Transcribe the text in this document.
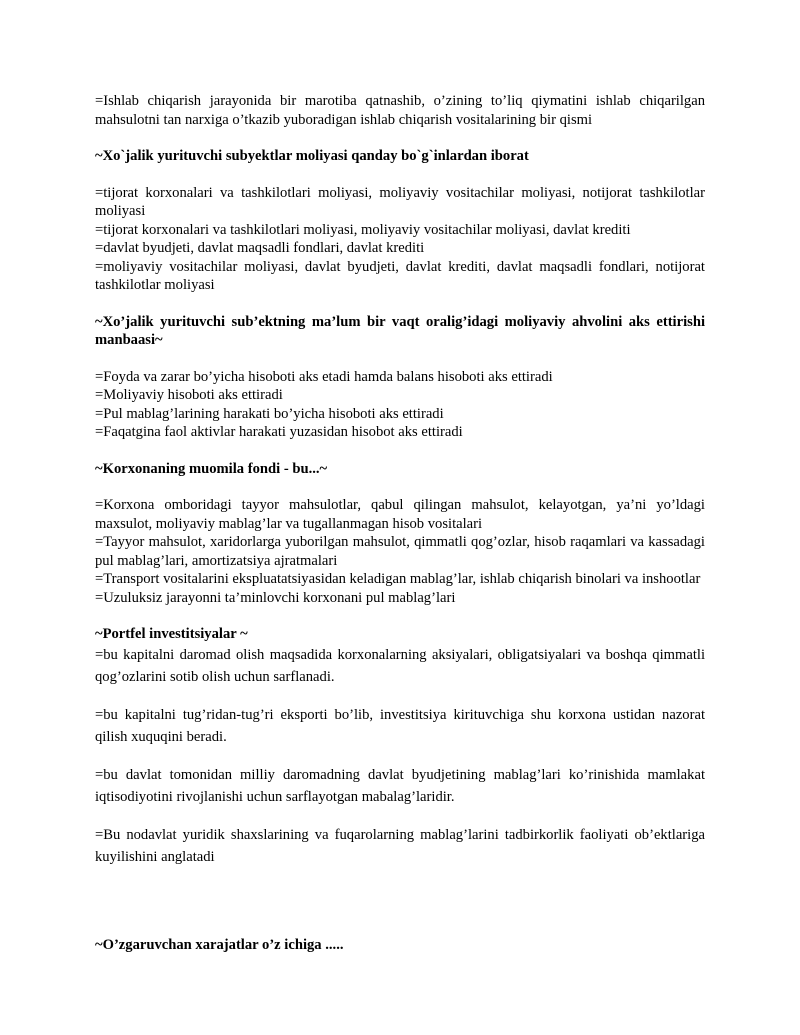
=Ishlab chiqarish jarayonida bir marotiba qatnashib, o’zining to’liq qiymatini ishlab chiqarilgan mahsulotni tan narxiga o’tkazib yuboradigan ishlab chiqarish vositalarining bir qismi

~Xo`jalik yurituvchi subyektlar moliyasi qanday bo`g`inlardan iborat

=tijorat korxonalari va tashkilotlari moliyasi, moliyaviy vositachilar moliyasi, notijorat tashkilotlar moliyasi

=tijorat korxonalari va tashkilotlari moliyasi, moliyaviy vositachilar moliyasi, davlat krediti

=davlat byudjeti, davlat maqsadli fondlari, davlat krediti

=moliyaviy vositachilar moliyasi, davlat byudjeti, davlat krediti, davlat maqsadli fondlari, notijorat tashkilotlar moliyasi

~Xo’jalik yurituvchi sub’ektning ma’lum bir vaqt oralig’idagi moliyaviy ahvolini aks ettirishi manbaasi~

=Foyda va zarar bo’yicha hisoboti aks etadi hamda balans hisoboti aks ettiradi

=Moliyaviy hisoboti aks ettiradi

=Pul mablag’larining harakati bo’yicha hisoboti aks ettiradi

=Faqatgina faol aktivlar harakati yuzasidan hisobot aks ettiradi

~Korxonaning muomila fondi - bu...~

=Korxona omboridagi tayyor mahsulotlar, qabul qilingan mahsulot, kelayotgan, ya’ni yo’ldagi maxsulot, moliyaviy mablag’lar va tugallanmagan hisob vositalari

=Tayyor mahsulot, xaridorlarga yuborilgan mahsulot, qimmatli qog’ozlar, hisob raqamlari va kassadagi pul mablag’lari, amortizatsiya ajratmalari

=Transport vositalarini ekspluatatsiyasidan keladigan mablag’lar, ishlab chiqarish binolari va inshootlar

=Uzuluksiz jarayonni ta’minlovchi korxonani pul mablag’lari

~Portfel investitsiyalar ~

=bu kapitalni daromad olish maqsadida korxonalarning aksiyalari, obligatsiyalari va boshqa qimmatli qog’ozlarini sotib olish uchun sarflanadi.

=bu kapitalni tug’ridan-tug’ri eksporti bo’lib, investitsiya kirituvchiga shu korxona ustidan nazorat qilish xuquqini beradi.

=bu davlat tomonidan milliy daromadning davlat byudjetining mablag’lari ko’rinishida mamlakat iqtisodiyotini rivojlanishi uchun sarflayotgan mabalag’laridir.

=Bu nodavlat yuridik shaxslarining va fuqarolarning mablag’larini tadbirkorlik faoliyati ob’ektlariga kuyilishini anglatadi

~O’zgaruvchan xarajatlar o’z ichiga .....
